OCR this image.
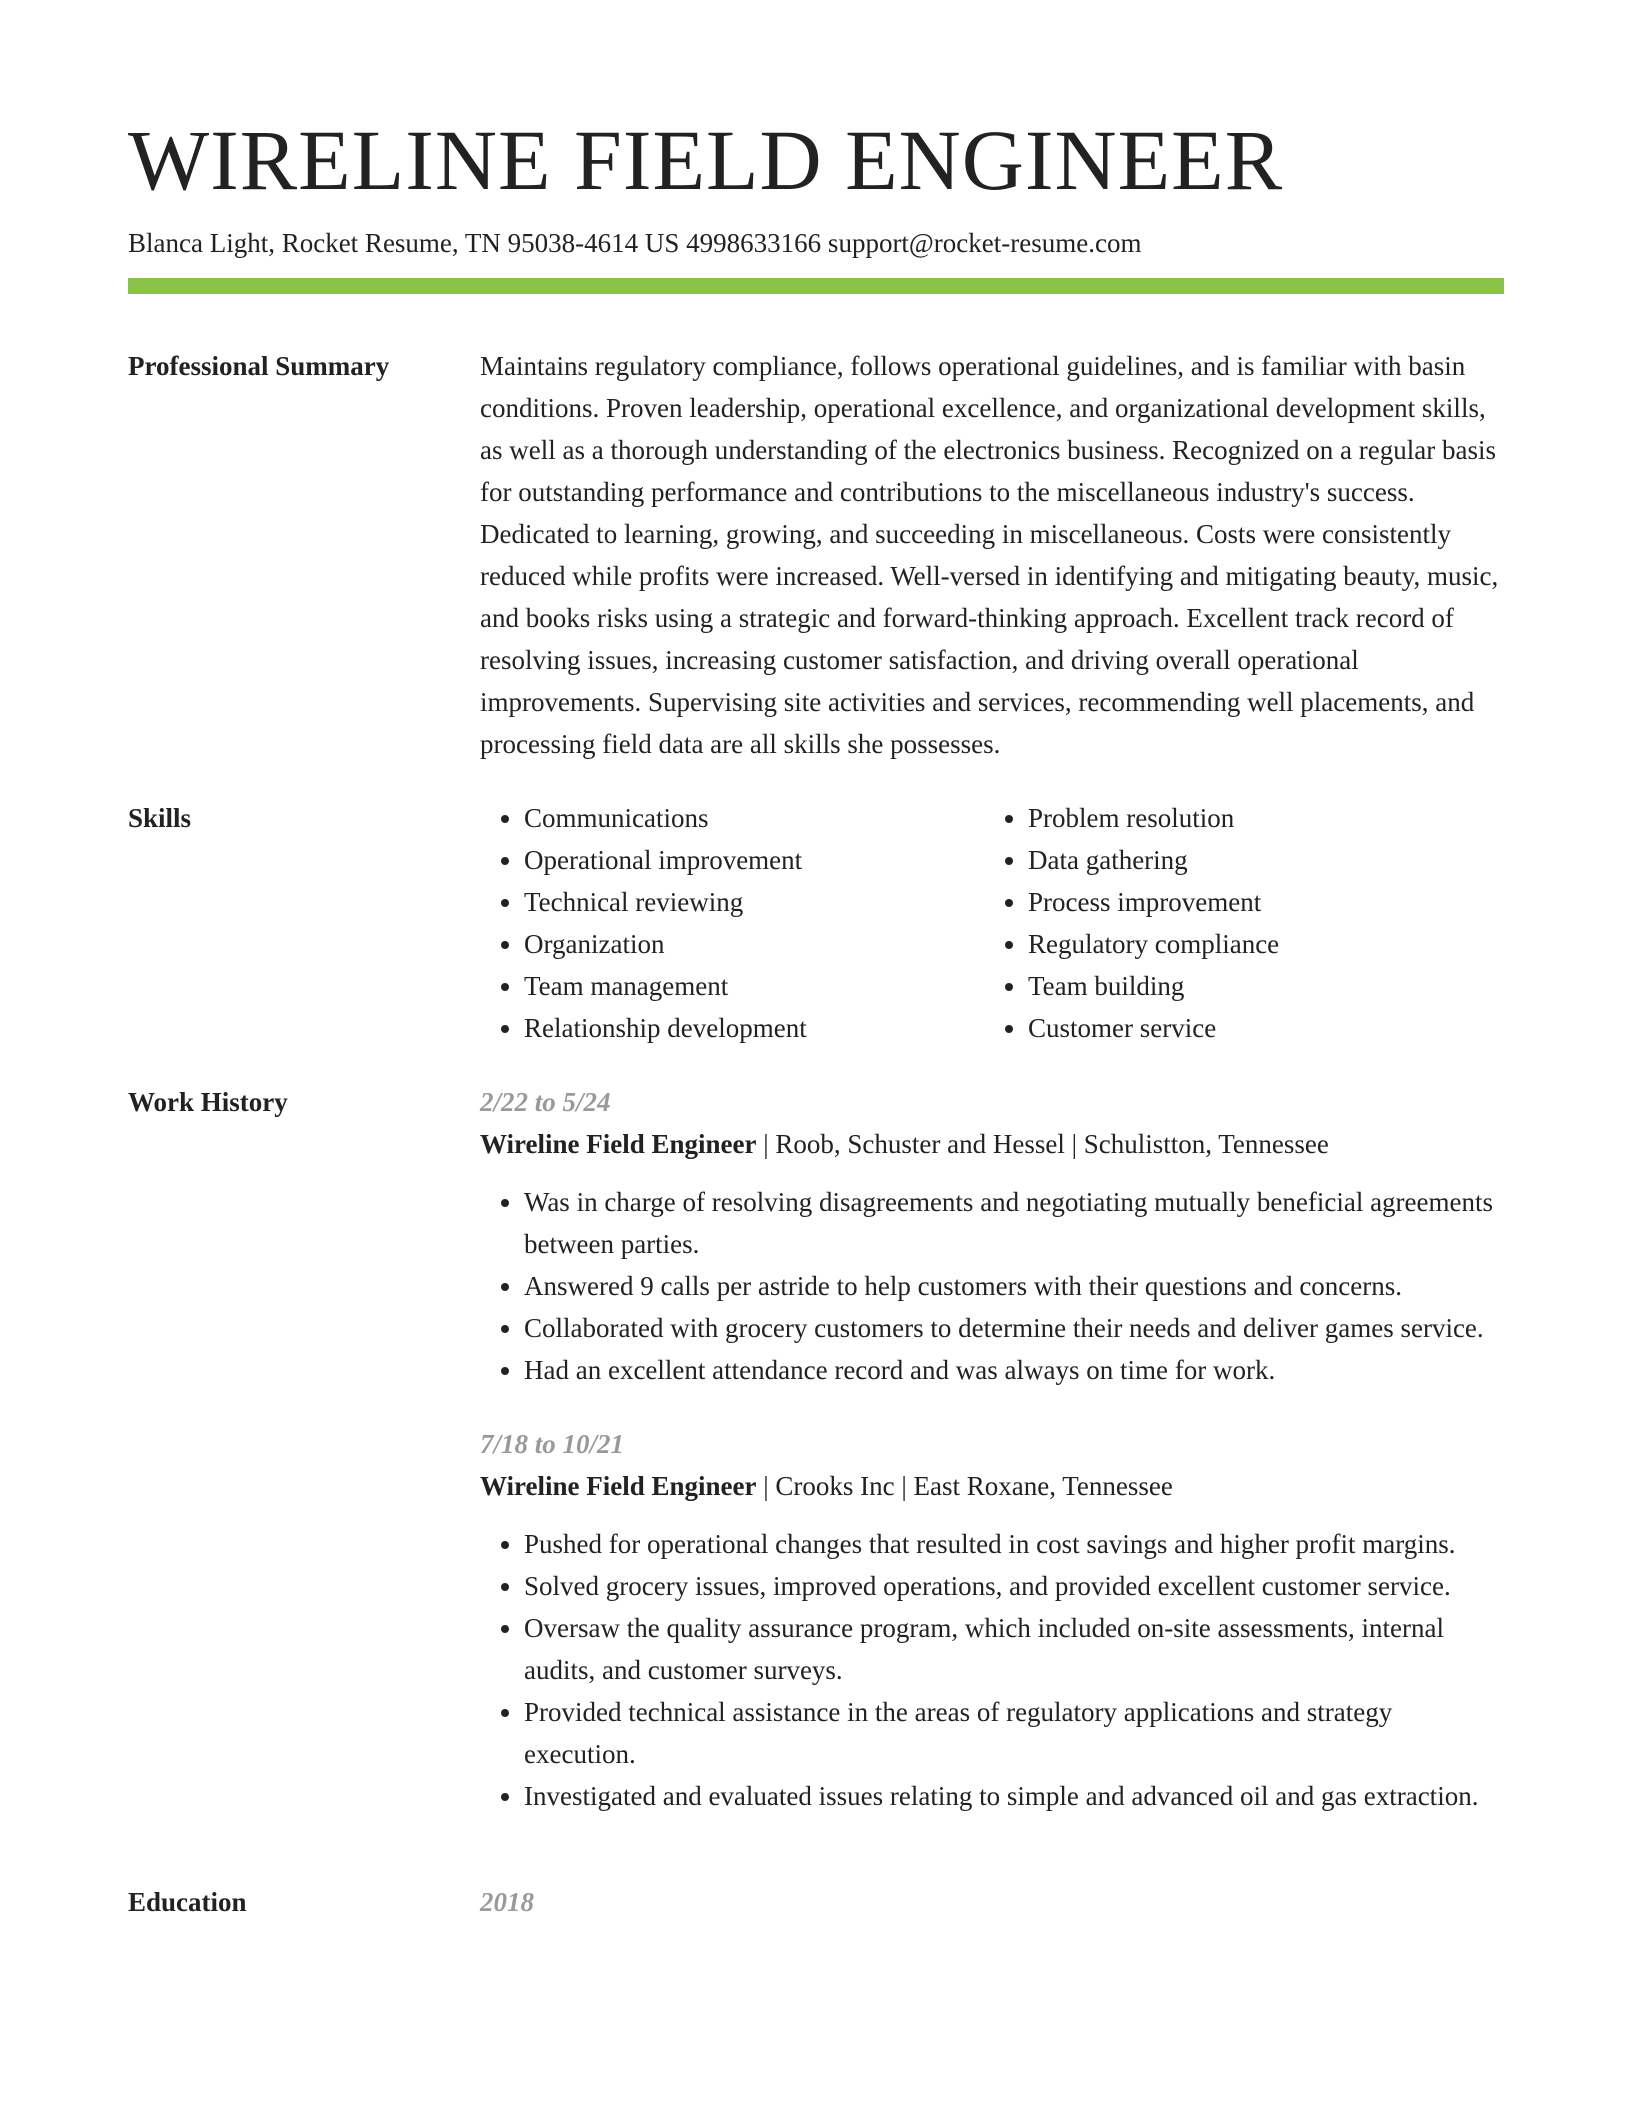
WIRELINE FIELD ENGINEER
Blanca Light, Rocket Resume, TN 95038-4614 US 4998633166 support@rocket-resume.com
Professional Summary	Maintains regulatory compliance, follows operational guidelines, and is familiar with basin conditions. Proven leadership, operational excellence, and organizational development skills, as well as a thorough understanding of the electronics business. Recognized on a regular basis for outstanding performance and contributions to the miscellaneous industry's success. Dedicated to learning, growing, and succeeding in miscellaneous. Costs were consistently reduced while profits were increased. Well-versed in identifying and mitigating beauty, music, and books risks using a strategic and forward-thinking approach. Excellent track record of resolving issues, increasing customer satisfaction, and driving overall operational improvements. Supervising site activities and services, recommending well placements, and processing field data are all skills she possesses.

Skills
•	Communications
• Operational improvement
• Technical reviewing
• Organization
• Team management
• Relationship development
• Problem resolution
• Data gathering
• Process improvement
• Regulatory compliance
• Team building
• Customer service
Work History	2/22 to 5/24
Wireline Field Engineer | Roob, Schuster and Hessel | Schulistton, Tennessee
• Was in charge of resolving disagreements and negotiating mutually beneficial agreements between parties.
• Answered 9 calls per astride to help customers with their questions and concerns.
• Collaborated with grocery customers to determine their needs and deliver games service.
• Had an excellent attendance record and was always on time for work.
7/18 to 10/21
Wireline Field Engineer | Crooks Inc | East Roxane, Tennessee
• Pushed for operational changes that resulted in cost savings and higher profit margins.
• Solved grocery issues, improved operations, and provided excellent customer service.
• Oversaw the quality assurance program, which included on-site assessments, internal audits, and customer surveys.
• Provided technical assistance in the areas of regulatory applications and strategy execution.
• Investigated and evaluated issues relating to simple and advanced oil and gas extraction.
Education	2018
